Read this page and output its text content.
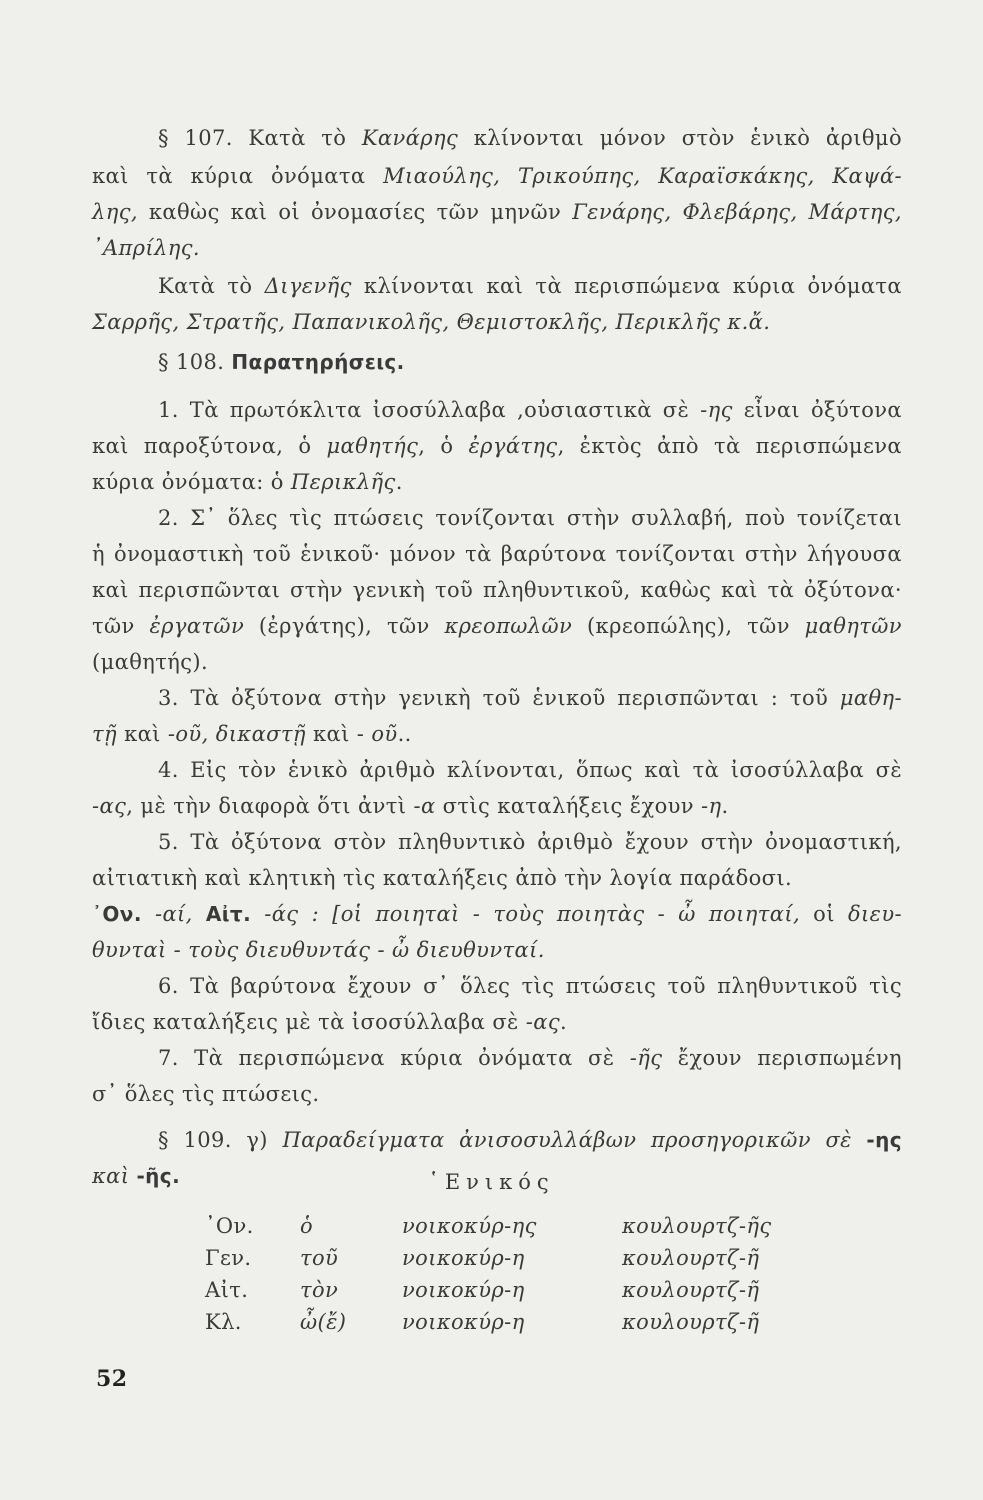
§ 107. Κατὰ τὸ Κανάρης κλίνονται μόνον στὸν ἑνικὸ ἀριθμὸ
καὶ τὰ κύρια ὀνόματα Μιαούλης, Τρικούπης, Καραϊσκάκης, Καψά-
λης, καθὼς καὶ οἱ ὀνομασίες τῶν μηνῶν Γενάρης, Φλεβάρης, Μάρτης,
᾿Απρίλης.
Κατὰ τὸ Διγενῆς κλίνονται καὶ τὰ περισπώμενα κύρια ὀνόματα
Σαρρῆς, Στρατῆς, Παπανικολῆς, Θεμιστοκλῆς, Περικλῆς κ.ἄ.
§ 108. Παρατηρήσεις.
1. Τὰ πρωτόκλιτα ἰσοσύλλαβα ,οὐσιαστικὰ σὲ -ης εἶναι ὀξύτονα
καὶ παροξύτονα, ὁ μαθητής, ὁ ἐργάτης, ἐκτὸς ἀπὸ τὰ περισπώμενα
κύρια ὀνόματα: ὁ Περικλῆς.
2. Σ᾿ ὅλες τὶς πτώσεις τονίζονται στὴν συλλαβή, ποὺ τονίζεται
ἡ ὀνομαστικὴ τοῦ ἑνικοῦ· μόνον τὰ βαρύτονα τονίζονται στὴν λήγουσα
καὶ περισπῶνται στὴν γενικὴ τοῦ πληθυντικοῦ, καθὼς καὶ τὰ ὀξύτονα·
τῶν ἐργατῶν (ἐργάτης), τῶν κρεοπωλῶν (κρεοπώλης), τῶν μαθητῶν
(μαθητής).
3. Τὰ ὀξύτονα στὴν γενικὴ τοῦ ἑνικοῦ περισπῶνται : τοῦ μαθη-
τῇ καὶ -οῦ, δικαστῇ καὶ - οῦ..
4. Εἰς τὸν ἑνικὸ ἀριθμὸ κλίνονται, ὅπως καὶ τὰ ἰσοσύλλαβα σὲ
-ας, μὲ τὴν διαφορὰ ὅτι ἀντὶ -α στὶς καταλήξεις ἔχουν -η.
5. Τὰ ὀξύτονα στὸν πληθυντικὸ ἀριθμὸ ἔχουν στὴν ὀνομαστική,
αἰτιατικὴ καὶ κλητικὴ τὶς καταλήξεις ἀπὸ τὴν λογία παράδοσι.
᾿Ον. -αί, Αἰτ. -άς : [οἱ ποιηταὶ - τοὺς ποιητὰς - ὦ ποιηταί, οἱ διευ-
θυνταὶ - τοὺς διευθυντάς - ὦ διευθυνταί.
6. Τὰ βαρύτονα ἔχουν σ᾿ ὅλες τὶς πτώσεις τοῦ πληθυντικοῦ τὶς
ἴδιες καταλήξεις μὲ τὰ ἰσοσύλλαβα σὲ -ας.
7. Τὰ περισπώμενα κύρια ὀνόματα σὲ -ῆς ἔχουν περισπωμένη
σ᾿ ὅλες τὶς πτώσεις.
§ 109. γ) Παραδείγματα ἀνισοσυλλάβων προσηγορικῶν σὲ -ης
καὶ -ῆς.	῾Ενικός
᾿Ον. ὁ	νοικοκύρ-ης	κουλουρτζ-ῆς
Γεν. τοῦ	νοικοκύρ-η	κουλουρτζ-ῆ
Αἰτ. τὸν	νοικοκύρ-η	κουλουρτζ-ῆ
Κλ.	ὦ(ἔ)	νοικοκύρ-η	κουλουρτζ-ῆ
52
